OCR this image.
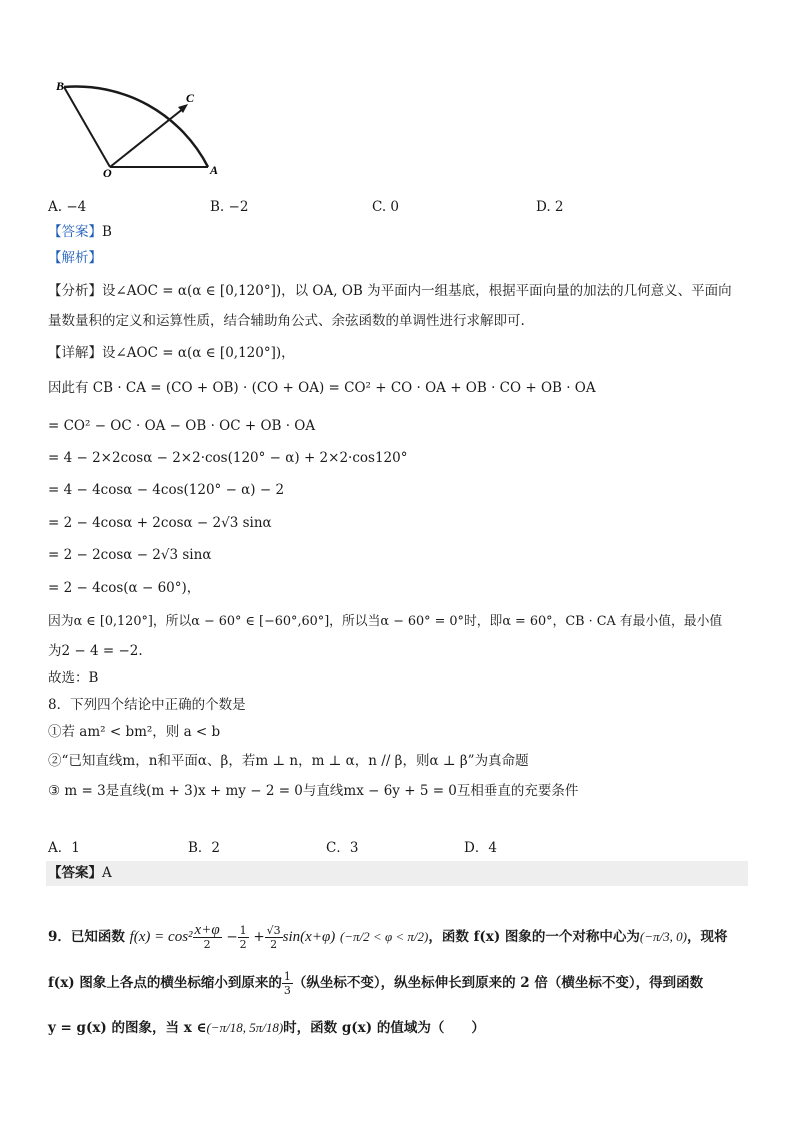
B
C
O	A
A. −4	B. −2	C. 0	D. 2
【答案】B
【解析】
【分析】设∠AOC = α(α ∈ [0,120°])，以 OA, OB 为平面内一组基底，根据平面向量的加法的几何意义、平面向
量数量积的定义和运算性质，结合辅助角公式、余弦函数的单调性进行求解即可.
【详解】设∠AOC = α(α ∈ [0,120°])，
因此有 CB · CA = (CO + OB) · (CO + OA) = CO² + CO · OA + OB · CO + OB · OA
= CO² − OC · OA − OB · OC + OB · OA
= 4 − 2×2cosα − 2×2·cos(120° − α) + 2×2·cos120°
= 4 − 4cosα − 4cos(120° − α) − 2
= 2 − 4cosα + 2cosα − 2√3 sinα
= 2 − 2cosα − 2√3 sinα
= 2 − 4cos(α − 60°)，
因为α ∈ [0,120°]，所以α − 60° ∈ [−60°,60°]，所以当α − 60° = 0°时，即α = 60°，CB · CA 有最小值，最小值
为2 − 4 = −2.
故选：B
8．下列四个结论中正确的个数是
①若 am² < bm²，则 a < b
②“已知直线m，n和平面α、β，若m ⊥ n，m ⊥ α，n // β，则α ⊥ β”为真命题
③ m = 3是直线(m + 3)x + my − 2 = 0与直线mx − 6y + 5 = 0互相垂直的充要条件
A．1	B．2	C．3	D．4
【答案】A
9．已知函数 $f(x) = \cos^2 \frac{x+\varphi}{2} - \frac{1}{2} + \frac{√3}{2} \sin(x+\varphi) (-\pi/2 < \varphi < \pi/2)$，函数 f(x) 图象的一个对称中心为(−π/3, 0)，现将
f(x) 图象上各点的横坐标缩小到原来的 $\frac{1}{3}$ （纵坐标不变），纵坐标伸长到原来的 2 倍（横坐标不变），得到函数
y = g(x) 的图象，当 x ∈(−π/18, 5π/18)时，函数 g(x) 的值域为（　　）
